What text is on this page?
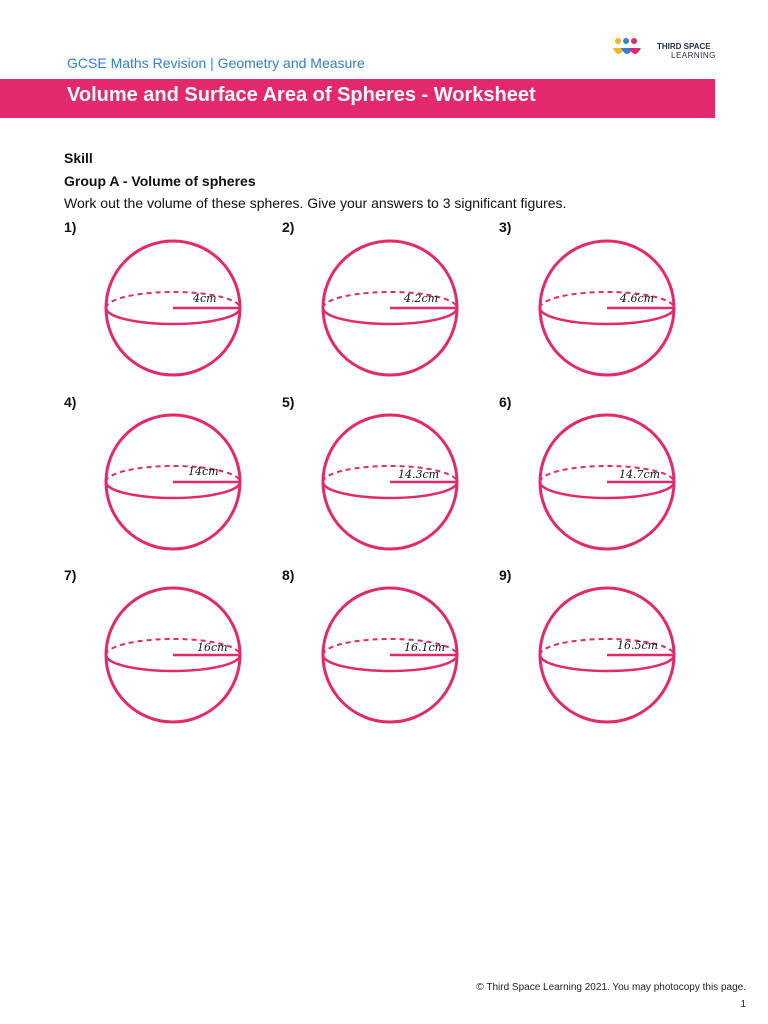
GCSE Maths Revision | Geometry and Measure
THIRD SPACE
LEARNING
Volume and Surface Area of Spheres - Worksheet
Skill
Group A - Volume of spheres
Work out the volume of these spheres. Give your answers to 3 significant figures.
1)	2)	3)
4)	5)	6)
7)	8)	9)
4cm	4.2cm	4.6cm
14cm	14.3cm	14.7cm
16cm	16.1cm	16.5cm
© Third Space Learning 2021. You may photocopy this page.
1
